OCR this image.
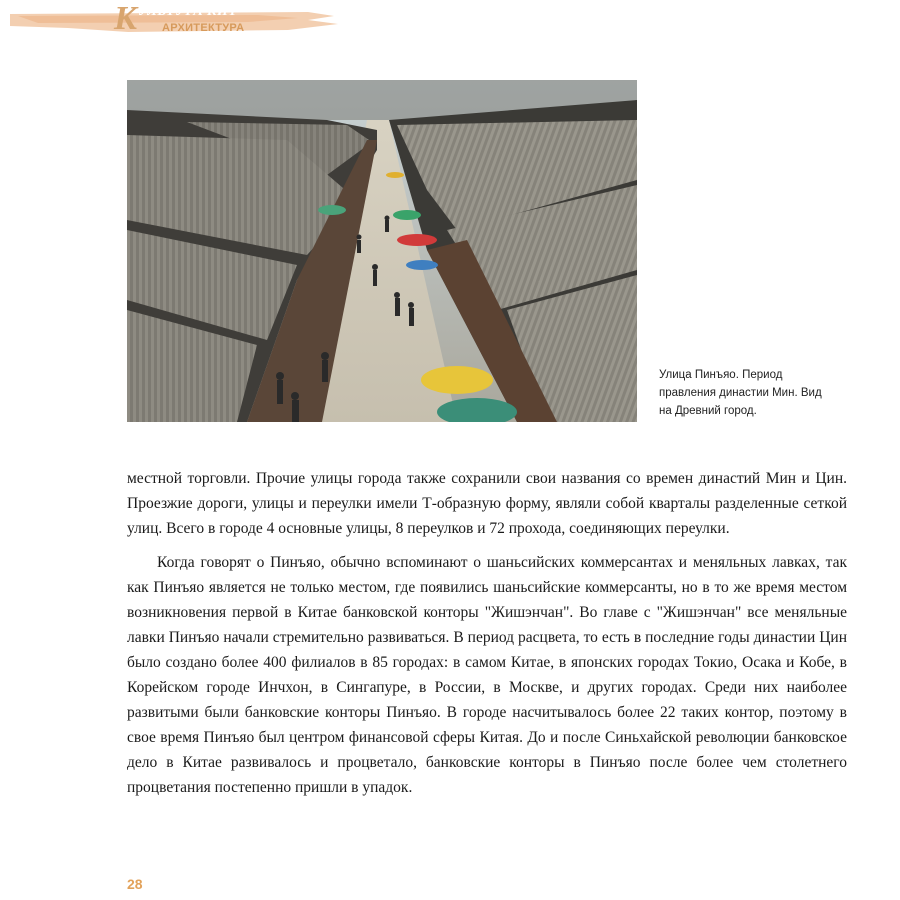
К УЛЬТУРА КИТ
АРХИТЕКТУРА
Улица Пинъяо. Период
правления династии Мин. Вид
на Древний город.

местной торговли. Прочие улицы города также сохранили свои названия со времен династий Мин и Цин. Проезжие дороги, улицы и переулки имели Т-образную форму, являли собой кварталы разделенные сеткой улиц. Всего в городе 4 основные улицы, 8 переулков и 72 прохода, соединяющих переулки.

Когда говорят о Пинъяо, обычно вспоминают о шаньсийских коммерсантах и меняльных лавках, так как Пинъяо является не только местом, где появились шаньсийские коммерсанты, но в то же время местом возникновения первой в Китае банковской конторы "Жишэнчан". Во главе с "Жишэнчан" все меняльные лавки Пинъяо начали стремительно развиваться. В период расцвета, то есть в последние годы династии Цин было создано более 400 филиалов в 85 городах: в самом Китае, в японских городах Токио, Осака и Кобе, в Корейском городе Инчхон, в Сингапуре, в России, в Москве, и других городах. Среди них наиболее развитыми были банковские конторы Пинъяо. В городе насчитывалось более 22 таких контор, поэтому в свое время Пинъяо был центром финансовой сферы Китая. До и после Синьхайской революции банковское дело в Китае развивалось и процветало, банковские конторы в Пинъяо после более чем столетнего процветания постепенно пришли в упадок.

28
